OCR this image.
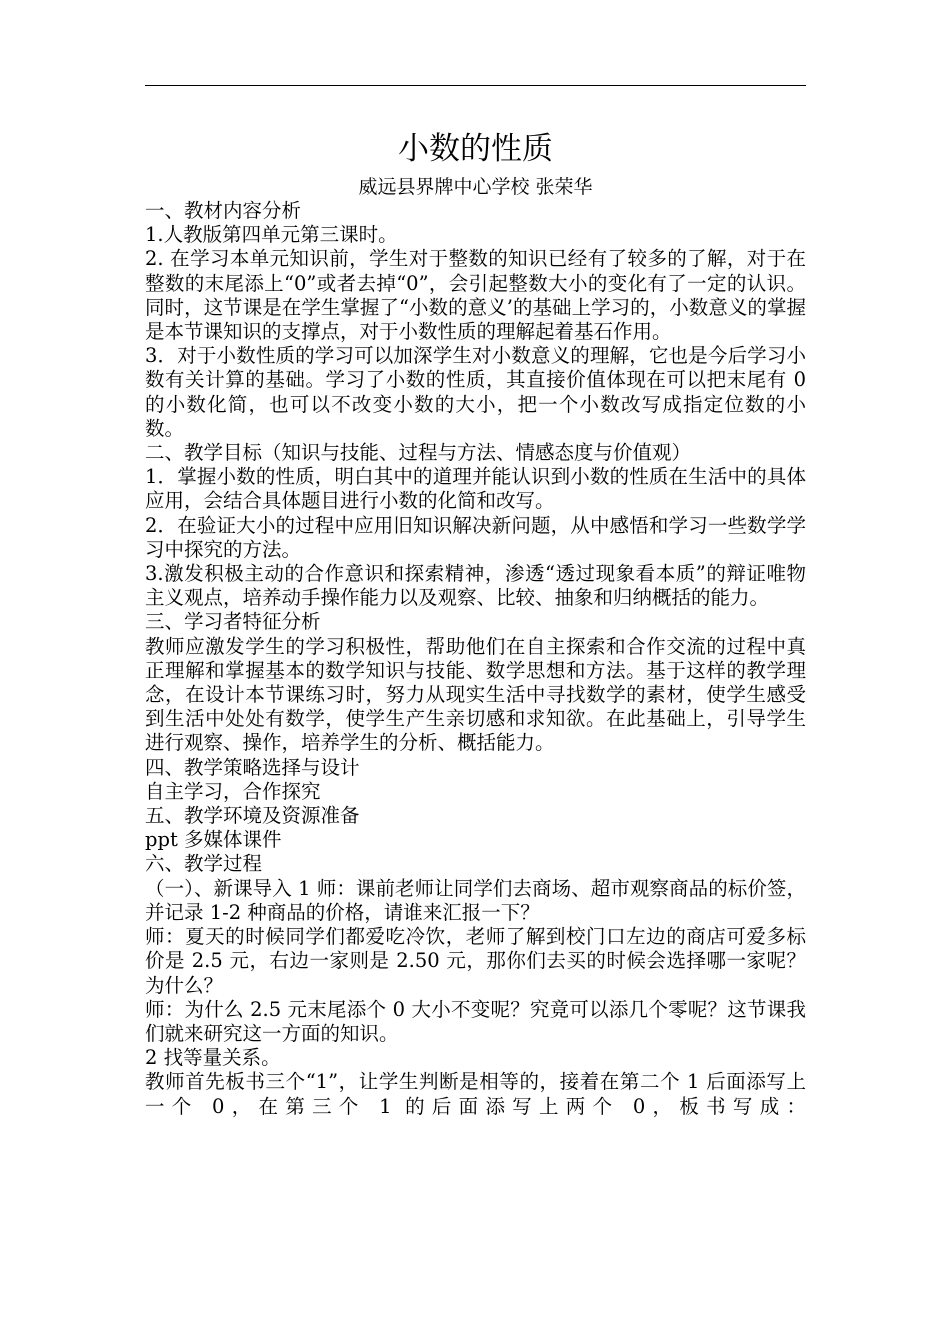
小数的性质
威远县界牌中心学校 张荣华

一、教材内容分析

1.人教版第四单元第三课时。

2. 在学习本单元知识前，学生对于整数的知识已经有了较多的了解，对于在整数的末尾添上“0”或者去掉“0”，会引起整数大小的变化有了一定的认识。同时，这节课是在学生掌握了“小数的意义’的基础上学习的，小数意义的掌握是本节课知识的支撑点，对于小数性质的理解起着基石作用。

3．对于小数性质的学习可以加深学生对小数意义的理解，它也是今后学习小数有关计算的基础。学习了小数的性质，其直接价值体现在可以把末尾有 0 的小数化简，也可以不改变小数的大小，把一个小数改写成指定位数的小数。

二、教学目标（知识与技能、过程与方法、情感态度与价值观）

1．掌握小数的性质，明白其中的道理并能认识到小数的性质在生活中的具体应用，会结合具体题目进行小数的化简和改写。

2．在验证大小的过程中应用旧知识解决新问题，从中感悟和学习一些数学学习中探究的方法。

3.激发积极主动的合作意识和探索精神，渗透“透过现象看本质”的辩证唯物主义观点，培养动手操作能力以及观察、比较、抽象和归纳概括的能力。

三、学习者特征分析

教师应激发学生的学习积极性，帮助他们在自主探索和合作交流的过程中真正理解和掌握基本的数学知识与技能、数学思想和方法。基于这样的教学理念，在设计本节课练习时，努力从现实生活中寻找数学的素材，使学生感受到生活中处处有数学，使学生产生亲切感和求知欲。在此基础上，引导学生进行观察、操作，培养学生的分析、概括能力。

四、教学策略选择与设计

自主学习，合作探究

五、教学环境及资源准备

ppt 多媒体课件

六、教学过程

（一）、新课导入 1 师：课前老师让同学们去商场、超市观察商品的标价签，并记录 1-2 种商品的价格，请谁来汇报一下？

师：夏天的时候同学们都爱吃冷饮，老师了解到校门口左边的商店可爱多标价是 2.5 元，右边一家则是 2.50 元，那你们去买的时候会选择哪一家呢？为什么？

师：为什么 2.5 元末尾添个 0 大小不变呢？究竟可以添几个零呢？这节课我们就来研究这一方面的知识。

2 找等量关系。

教师首先板书三个“1”，让学生判断是相等的，接着在第二个 1 后面添写上一个 0，在第三个 1 的后面添写上两个 0，板书写成：
